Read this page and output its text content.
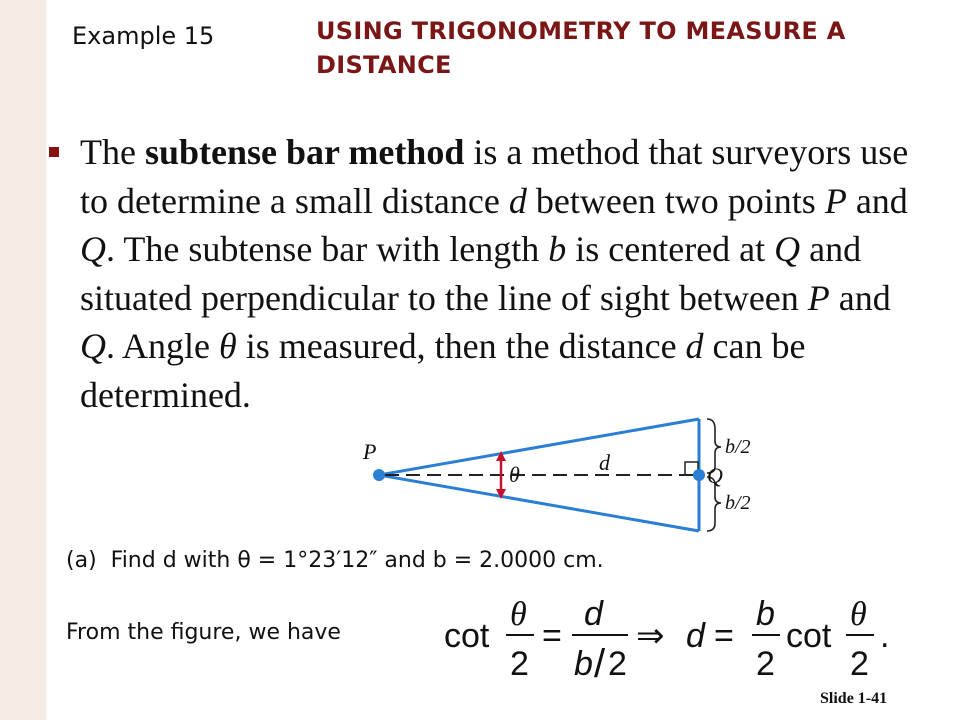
Example 15	USING TRIGONOMETRY TO MEASURE A DISTANCE
The subtense bar method is a method that surveyors use to determine a small distance d between two points P and Q. The subtense bar with length b is centered at Q and situated perpendicular to the line of sight between P and Q. Angle θ is measured, then the distance d can be determined.
P
Q
θ	d
b/2
b/2
(a)  Find d with θ = 1°23′12″ and b = 2.0000 cm.
From the figure, we have	cot
θ
2
=
d
b / 2
⇒ d =
b
2
cot
θ
2
.
Slide 1-41
